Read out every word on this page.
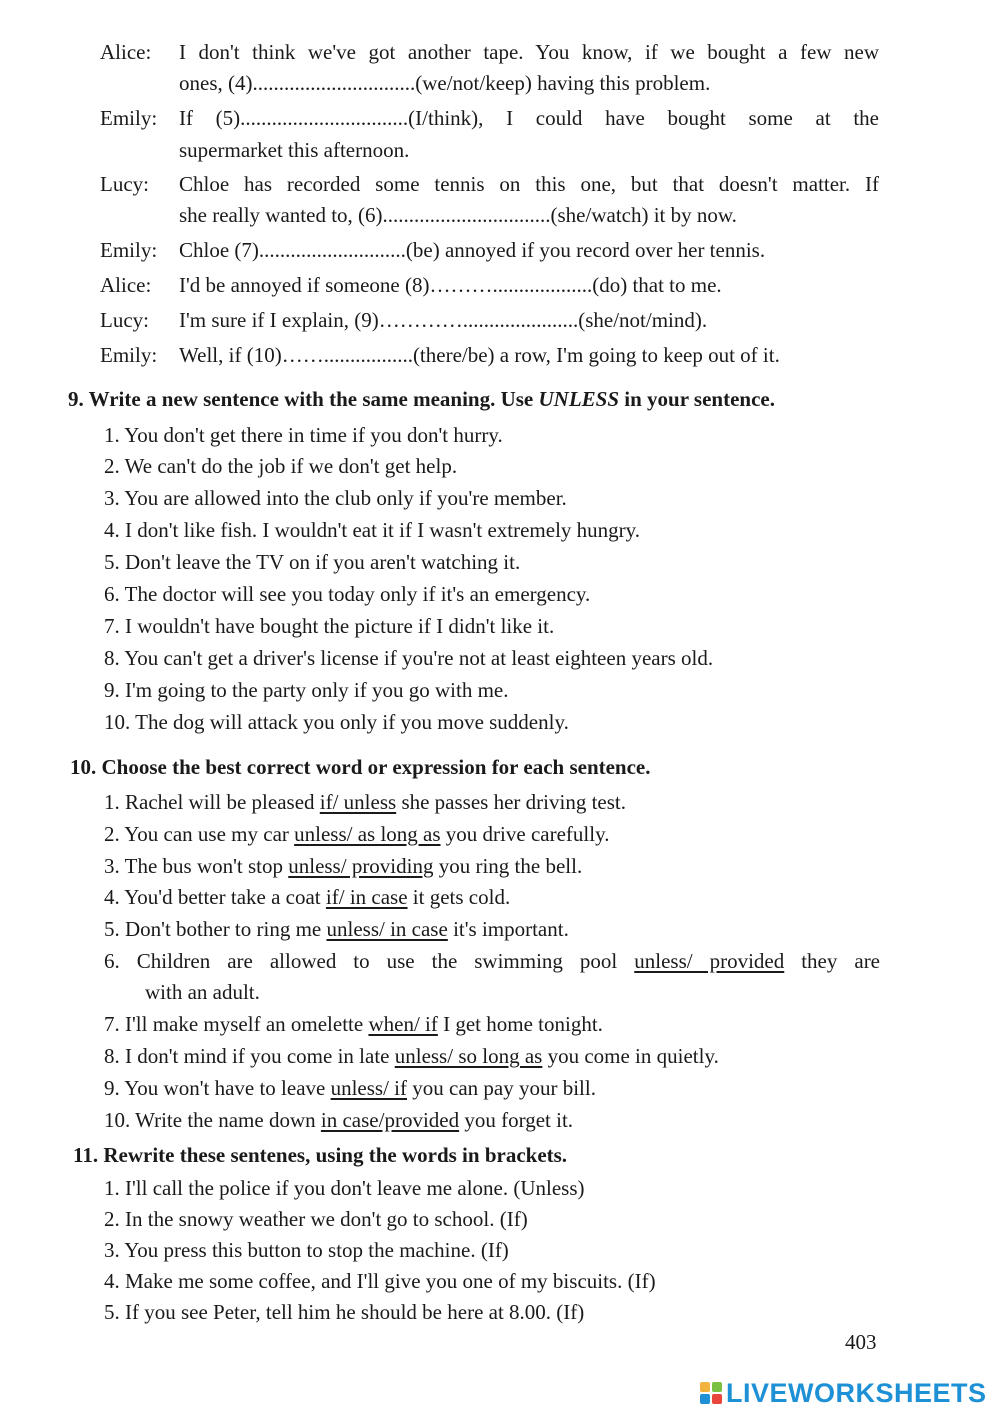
Alice:	I don't think we've got another tape. You know, if we bought a few new
ones, (4)...............................(we/not/keep) having this problem.
Emily:	If (5)................................(I/think), I could have bought some at the
supermarket this afternoon.
Lucy:	Chloe has recorded some tennis on this one, but that doesn't matter. If
she really wanted to, (6)................................(she/watch) it by now.
Emily:	Chloe (7)............................(be) annoyed if you record over her tennis.
Alice:	I'd be annoyed if someone (8)………...................(do) that to me.
Lucy:	I'm sure if I explain, (9)…………......................(she/not/mind).
Emily:	Well, if (10)…….................(there/be) a row, I'm going to keep out of it.
9. Write a new sentence with the same meaning. Use UNLESS in your sentence.
1. You don't get there in time if you don't hurry.
2. We can't do the job if we don't get help.
3. You are allowed into the club only if you're member.
4. I don't like fish. I wouldn't eat it if I wasn't extremely hungry.
5. Don't leave the TV on if you aren't watching it.
6. The doctor will see you today only if it's an emergency.
7. I wouldn't have bought the picture if I didn't like it.
8. You can't get a driver's license if you're not at least eighteen years old.
9. I'm going to the party only if you go with me.
10. The dog will attack you only if you move suddenly.
10. Choose the best correct word or expression for each sentence.
1. Rachel will be pleased if/ unless she passes her driving test.
2. You can use my car unless/ as long as you drive carefully.
3. The bus won't stop unless/ providing you ring the bell.
4. You'd better take a coat if/ in case it gets cold.
5. Don't bother to ring me unless/ in case it's important.
6. Children are allowed to use the swimming pool unless/ provided they are
with an adult.
7. I'll make myself an omelette when/ if I get home tonight.
8. I don't mind if you come in late unless/ so long as you come in quietly.
9. You won't have to leave unless/ if you can pay your bill.
10. Write the name down in case/provided you forget it.
11. Rewrite these sentenes, using the words in brackets.
1. I'll call the police if you don't leave me alone. (Unless)
2. In the snowy weather we don't go to school. (If)
3. You press this button to stop the machine. (If)
4. Make me some coffee, and I'll give you one of my biscuits. (If)
5. If you see Peter, tell him he should be here at 8.00. (If)
403
LIVEWORKSHEETS
